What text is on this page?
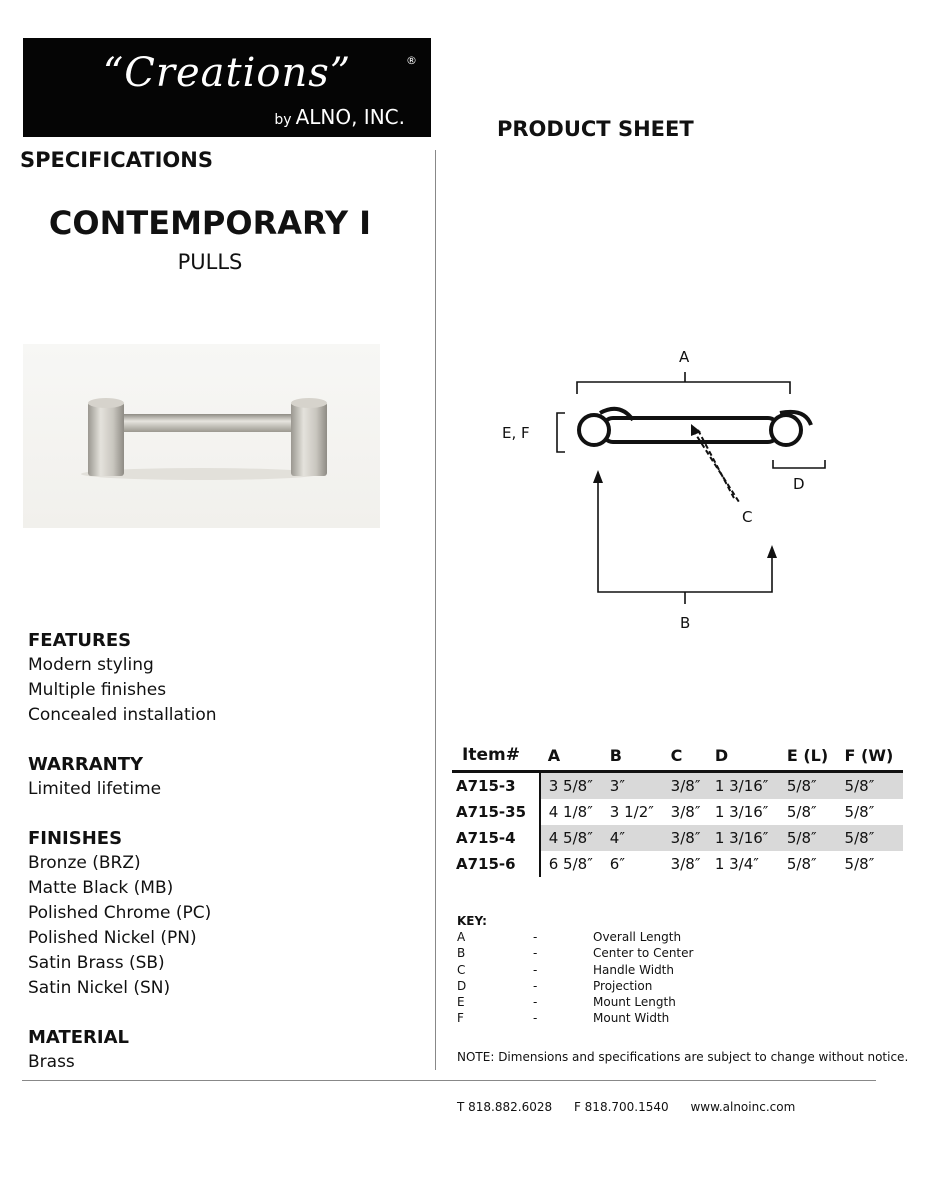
“Creations”	®
by ALNO, INC.	PRODUCT SHEET
SPECIFICATIONS
CONTEMPORARY I
PULLS
A
E, F
D
C
B
FEATURES
Modern styling
Multiple finishes
Concealed installation
WARRANTY
Limited lifetime
FINISHES
Bronze (BRZ)
Matte Black (MB)
Polished Chrome (PC)
Polished Nickel (PN)
Satin Brass (SB)
Satin Nickel (SN)
MATERIAL
Brass
Item#	A	B	C	D	E (L)	F (W)
A715-3	3 5/8″	3″	3/8″	1 3/16″	5/8″	5/8″
A715-35	4 1/8″	3 1/2″	3/8″	1 3/16″	5/8″	5/8″
A715-4	4 5/8″	4″	3/8″	1 3/16″	5/8″	5/8″
A715-6	6 5/8″	6″	3/8″	1 3/4″	5/8″	5/8″
KEY:
A	-	Overall Length
B	-	Center to Center
C	-	Handle Width
D	-	Projection
E	-	Mount Length
F	-	Mount Width
NOTE: Dimensions and specifications are subject to change without notice.
T 818.882.6028 F 818.700.1540 www.alnoinc.com
